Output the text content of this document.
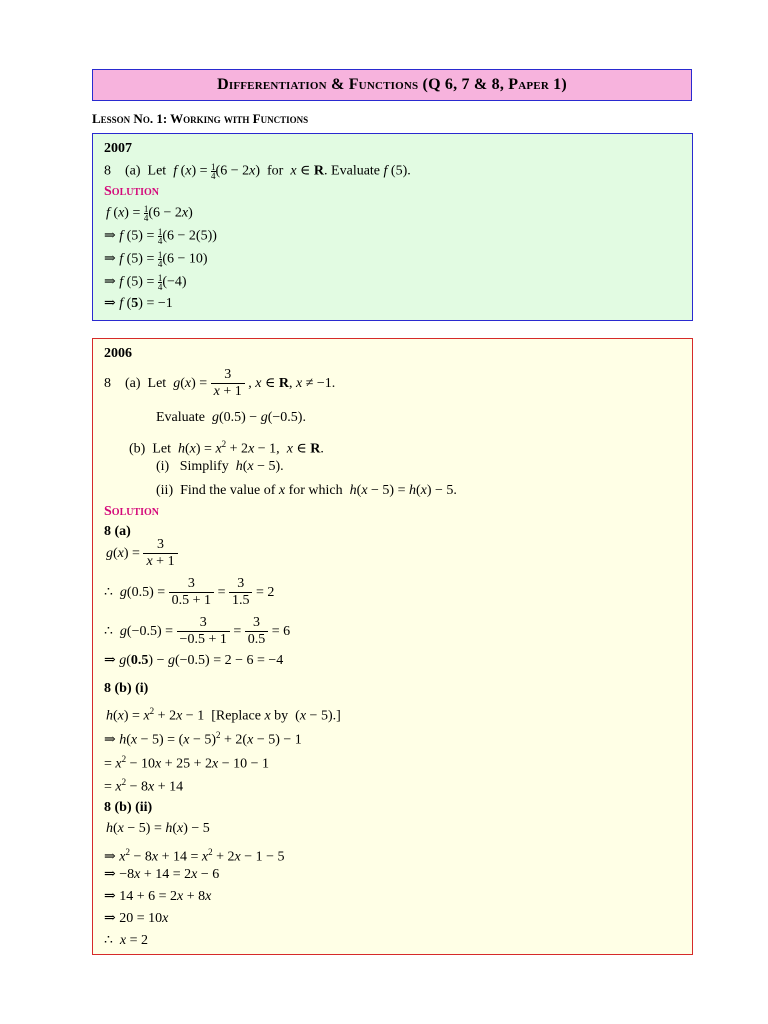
Differentiation & Functions (Q 6, 7 & 8, Paper 1)
Lesson No. 1: Working with Functions
2007
8    (a)  Let  f $(x) = \frac{1}{4} (6 - 2x)$  for  x ∈ R. Evaluate f (5).
Solution
f $(x) = \frac{1}{4} (6 - 2x)$
⇒ f $(5) = \frac{1}{4} (6 - 2(5))$
⇒ f $(5) = \frac{1}{4} (6 - 10)$
⇒ f $(5) = \frac{1}{4} (-4)$
⇒ f (5) = −1
2006
8    (a)  Let  $g(x) = \frac{3}{x + 1}$ , x ∈ R, x ≠ −1.
Evaluate  g(0.5) − g(−0.5).
(b)  Let  $h(x) = x^2 + 2x - 1$,  x ∈ R.
(i)   Simplify  h(x − 5).
(ii)  Find the value of x for which  h(x − 5) = h(x) − 5.
Solution
8 (a)
$g(x) = \frac{3}{x + 1}$
∴  $g(0.5) = \frac{3}{0.5 + 1} = \frac{3}{1.5} = 2$
∴  $g(-0.5) = \frac{3}{-0.5 + 1} = \frac{3}{0.5} = 6$
⇒ g(0.5) − g(−0.5) = 2 − 6 = −4
8 (b) (i)
$h(x) = x^2 + 2x - 1$  [Replace x by  (x − 5).]
⇒ $h(x - 5) = (x - 5)^2 + 2(x - 5) - 1$
= $x^2 - 10x + 25 + 2x - 10 - 1$
= $x^2 - 8x + 14$
8 (b) (ii)
h(x − 5) = h(x) − 5
⇒ $x^2 - 8x + 14 = x^2 + 2x - 1 - 5$
⇒ −8x + 14 = 2x − 6
⇒ 14 + 6 = 2x + 8x
⇒ 20 = 10x
∴  x = 2
